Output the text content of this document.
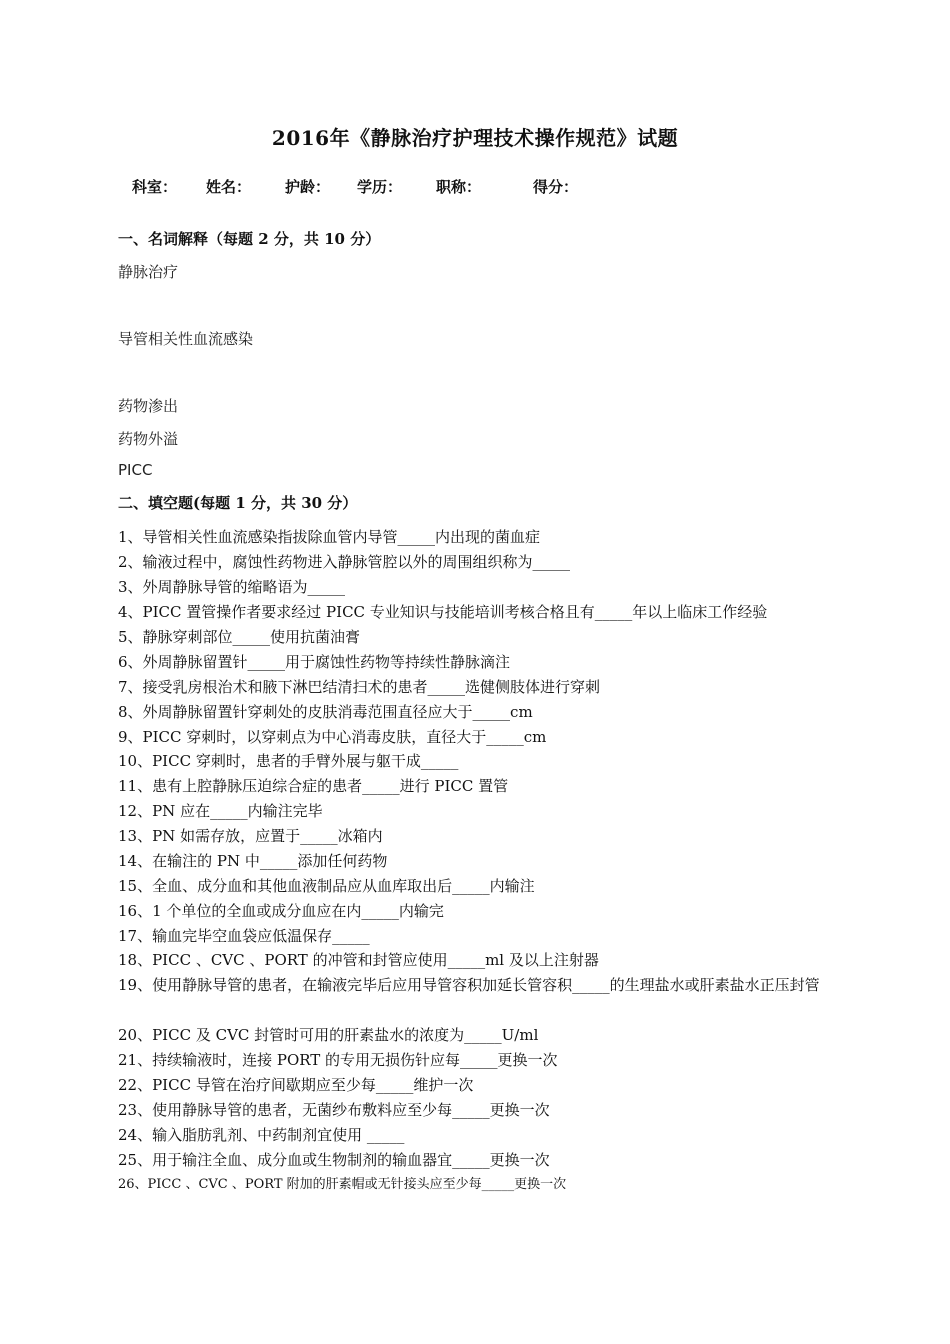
2016年《静脉治疗护理技术操作规范》试题
科室： 姓名： 护龄： 学历： 职称：	得分：
一、名词解释（每题 2 分，共 10 分）
静脉治疗
导管相关性血流感染
药物渗出
药物外溢
PICC
二、填空题(每题 1 分，共 30 分）
1、导管相关性血流感染指拔除血管内导管_____内出现的菌血症
2、输液过程中，腐蚀性药物进入静脉管腔以外的周围组织称为_____
3、外周静脉导管的缩略语为_____
4、PICC 置管操作者要求经过 PICC 专业知识与技能培训考核合格且有_____年以上临床工作经验
5、静脉穿刺部位_____使用抗菌油膏
6、外周静脉留置针_____用于腐蚀性药物等持续性静脉滴注
7、接受乳房根治术和腋下淋巴结清扫术的患者_____选健侧肢体进行穿刺
8、外周静脉留置针穿刺处的皮肤消毒范围直径应大于_____cm
9、PICC 穿刺时，以穿刺点为中心消毒皮肤，直径大于_____cm
10、PICC 穿刺时，患者的手臂外展与躯干成_____
11、患有上腔静脉压迫综合症的患者_____进行 PICC 置管
12、PN 应在_____内输注完毕
13、PN 如需存放，应置于_____冰箱内
14、在输注的 PN 中_____添加任何药物
15、全血、成分血和其他血液制品应从血库取出后_____内输注
16、1 个单位的全血或成分血应在内_____内输完
17、输血完毕空血袋应低温保存_____
18、PICC 、CVC 、PORT 的冲管和封管应使用_____ml 及以上注射器
19、使用静脉导管的患者，在输液完毕后应用导管容积加延长管容积_____的生理盐水或肝素盐水正压封管
20、PICC 及 CVC 封管时可用的肝素盐水的浓度为_____U/ml
21、持续输液时，连接 PORT 的专用无损伤针应每_____更换一次
22、PICC 导管在治疗间歇期应至少每_____维护一次
23、使用静脉导管的患者，无菌纱布敷料应至少每_____更换一次
24、输入脂肪乳剂、中药制剂宜使用 _____
25、用于输注全血、成分血或生物制剂的输血器宜_____更换一次
26、PICC 、CVC 、PORT 附加的肝素帽或无针接头应至少每_____更换一次
